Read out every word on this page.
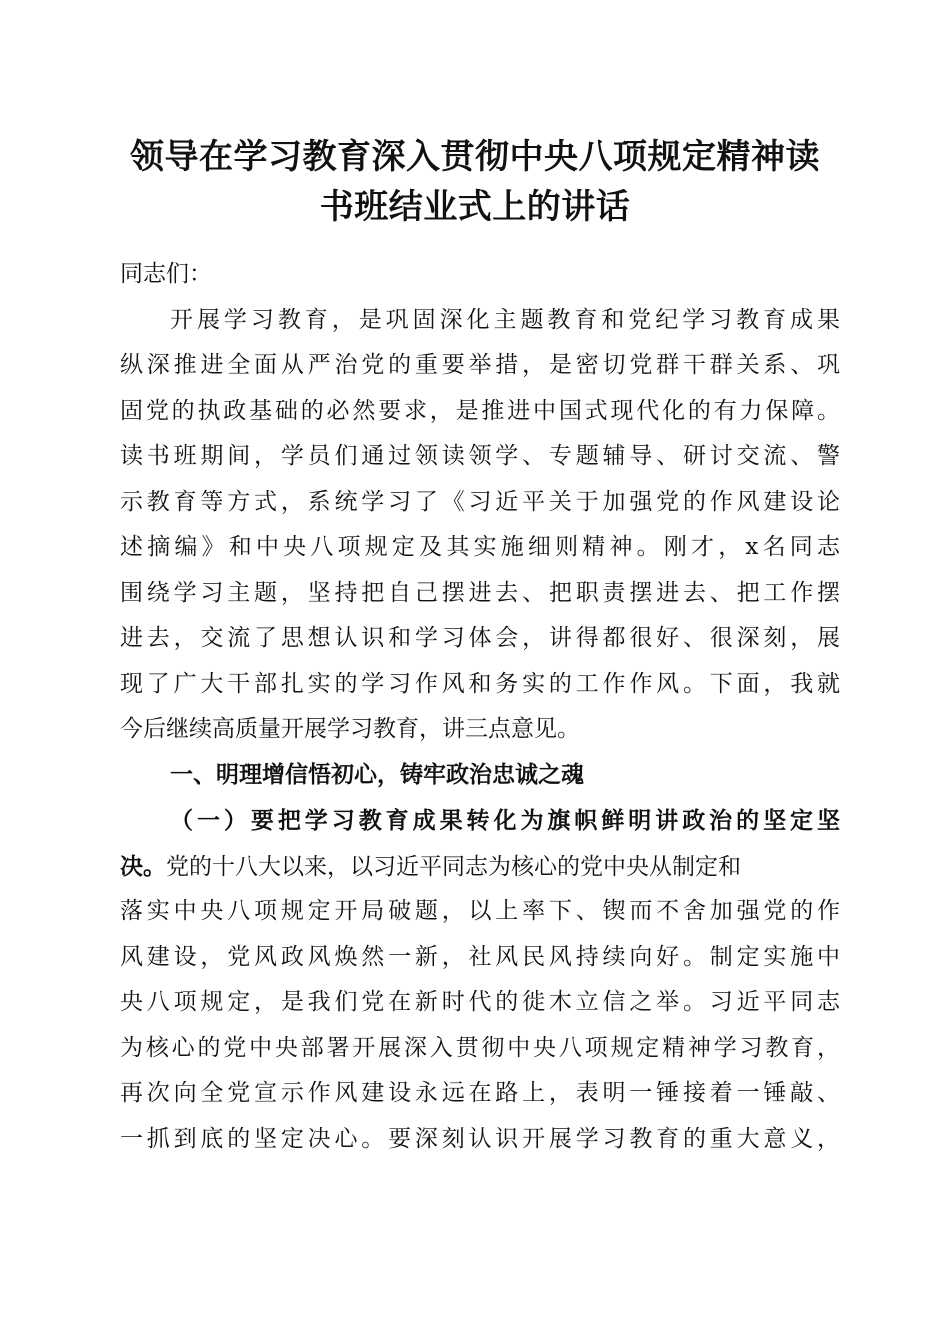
领导在学习教育深入贯彻中央八项规定精神读
书班结业式上的讲话
同志们：
开展学习教育，是巩固深化主题教育和党纪学习教育成果
纵深推进全面从严治党的重要举措，是密切党群干群关系、巩
固党的执政基础的必然要求，是推进中国式现代化的有力保障。
读书班期间，学员们通过领读领学、专题辅导、研讨交流、警
示教育等方式，系统学习了《习近平关于加强党的作风建设论
述摘编》和中央八项规定及其实施细则精神。刚才，x名同志
围绕学习主题，坚持把自己摆进去、把职责摆进去、把工作摆
进去，交流了思想认识和学习体会，讲得都很好、很深刻，展
现了广大干部扎实的学习作风和务实的工作作风。下面，我就
今后继续高质量开展学习教育，讲三点意见。
一、明理增信悟初心，铸牢政治忠诚之魂
（一）要把学习教育成果转化为旗帜鲜明讲政治的坚定坚
决。党的十八大以来，以习近平同志为核心的党中央从制定和
落实中央八项规定开局破题，以上率下、锲而不舍加强党的作
风建设，党风政风焕然一新，社风民风持续向好。制定实施中
央八项规定，是我们党在新时代的徙木立信之举。习近平同志
为核心的党中央部署开展深入贯彻中央八项规定精神学习教育，
再次向全党宣示作风建设永远在路上，表明一锤接着一锤敲、
一抓到底的坚定决心。要深刻认识开展学习教育的重大意义，
